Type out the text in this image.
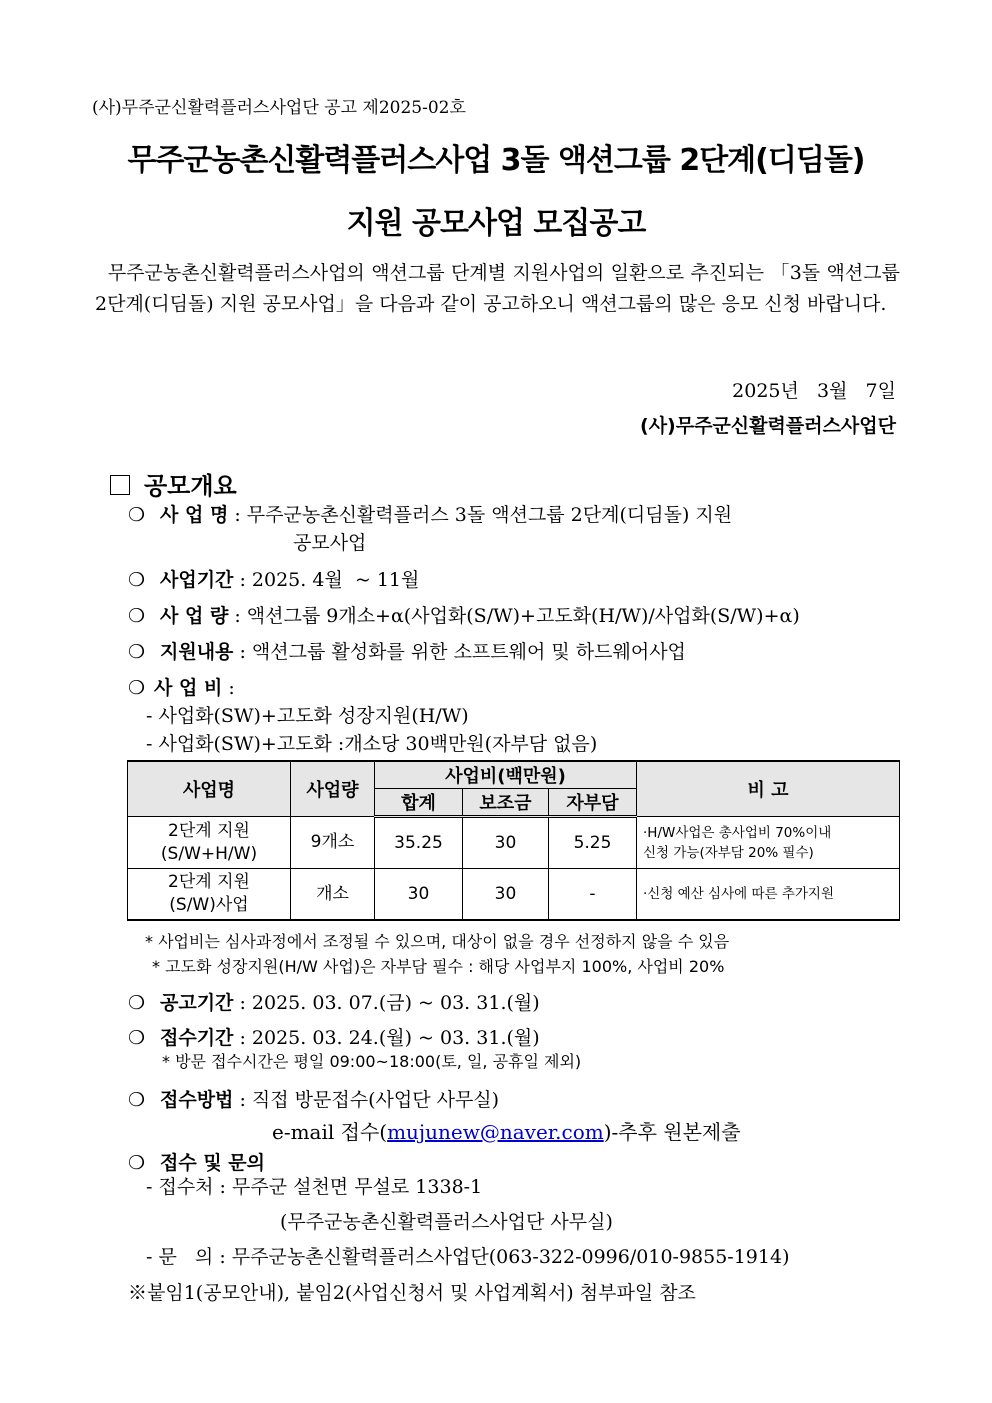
(사)무주군신활력플러스사업단 공고 제2025-02호
무주군농촌신활력플러스사업 3돌 액션그룹 2단계(디딤돌)
지원 공모사업 모집공고
무주군농촌신활력플러스사업의 액션그룹 단계별 지원사업의 일환으로 추진되는 「3돌 액션그룹 2단계(디딤돌) 지원 공모사업」을 다음과 같이 공고하오니 액션그룹의 많은 응모 신청 바랍니다.
2025년   3월   7일
(사)무주군신활력플러스사업단
공모개요
❍ 사 업 명 : 무주군농촌신활력플러스 3돌 액션그룹 2단계(디딤돌) 지원
공모사업
❍ 사업기간 : 2025. 4월  ~ 11월
❍ 사 업 량 : 액션그룹 9개소+α(사업화(S/W)+고도화(H/W)/사업화(S/W)+α)
❍ 지원내용 : 액션그룹 활성화를 위한 소프트웨어 및 하드웨어사업
❍ 사 업 비 :
- 사업화(SW)+고도화 성장지원(H/W)
- 사업화(SW)+고도화 :개소당 30백만원(자부담 없음)
사업명	사업량	사업비(백만원)			비 고
		합계	보조금	자부담	
2단계 지원
(S/W+H/W)	9개소	35.25	30	5.25	·H/W사업은 총사업비 70%이내
신청 가능(자부담 20% 필수)
2단계 지원
(S/W)사업	개소	30	30	-	·신청 예산 심사에 따른 추가지원
* 사업비는 심사과정에서 조정될 수 있으며, 대상이 없을 경우 선정하지 않을 수 있음
* 고도화 성장지원(H/W 사업)은 자부담 필수 : 해당 사업부지 100%, 사업비 20%
❍ 공고기간 : 2025. 03. 07.(금) ~ 03. 31.(월)
❍ 접수기간 : 2025. 03. 24.(월) ~ 03. 31.(월)
* 방문 접수시간은 평일 09:00~18:00(토, 일, 공휴일 제외)
❍ 접수방법 : 직접 방문접수(사업단 사무실)
e-mail 접수(mujunew@naver.com)-추후 원본제출
❍ 접수 및 문의
- 접수처 : 무주군 설천면 무설로 1338-1
(무주군농촌신활력플러스사업단 사무실)
- 문   의 : 무주군농촌신활력플러스사업단(063-322-0996/010-9855-1914)
※붙임1(공모안내), 붙임2(사업신청서 및 사업계획서) 첨부파일 참조
